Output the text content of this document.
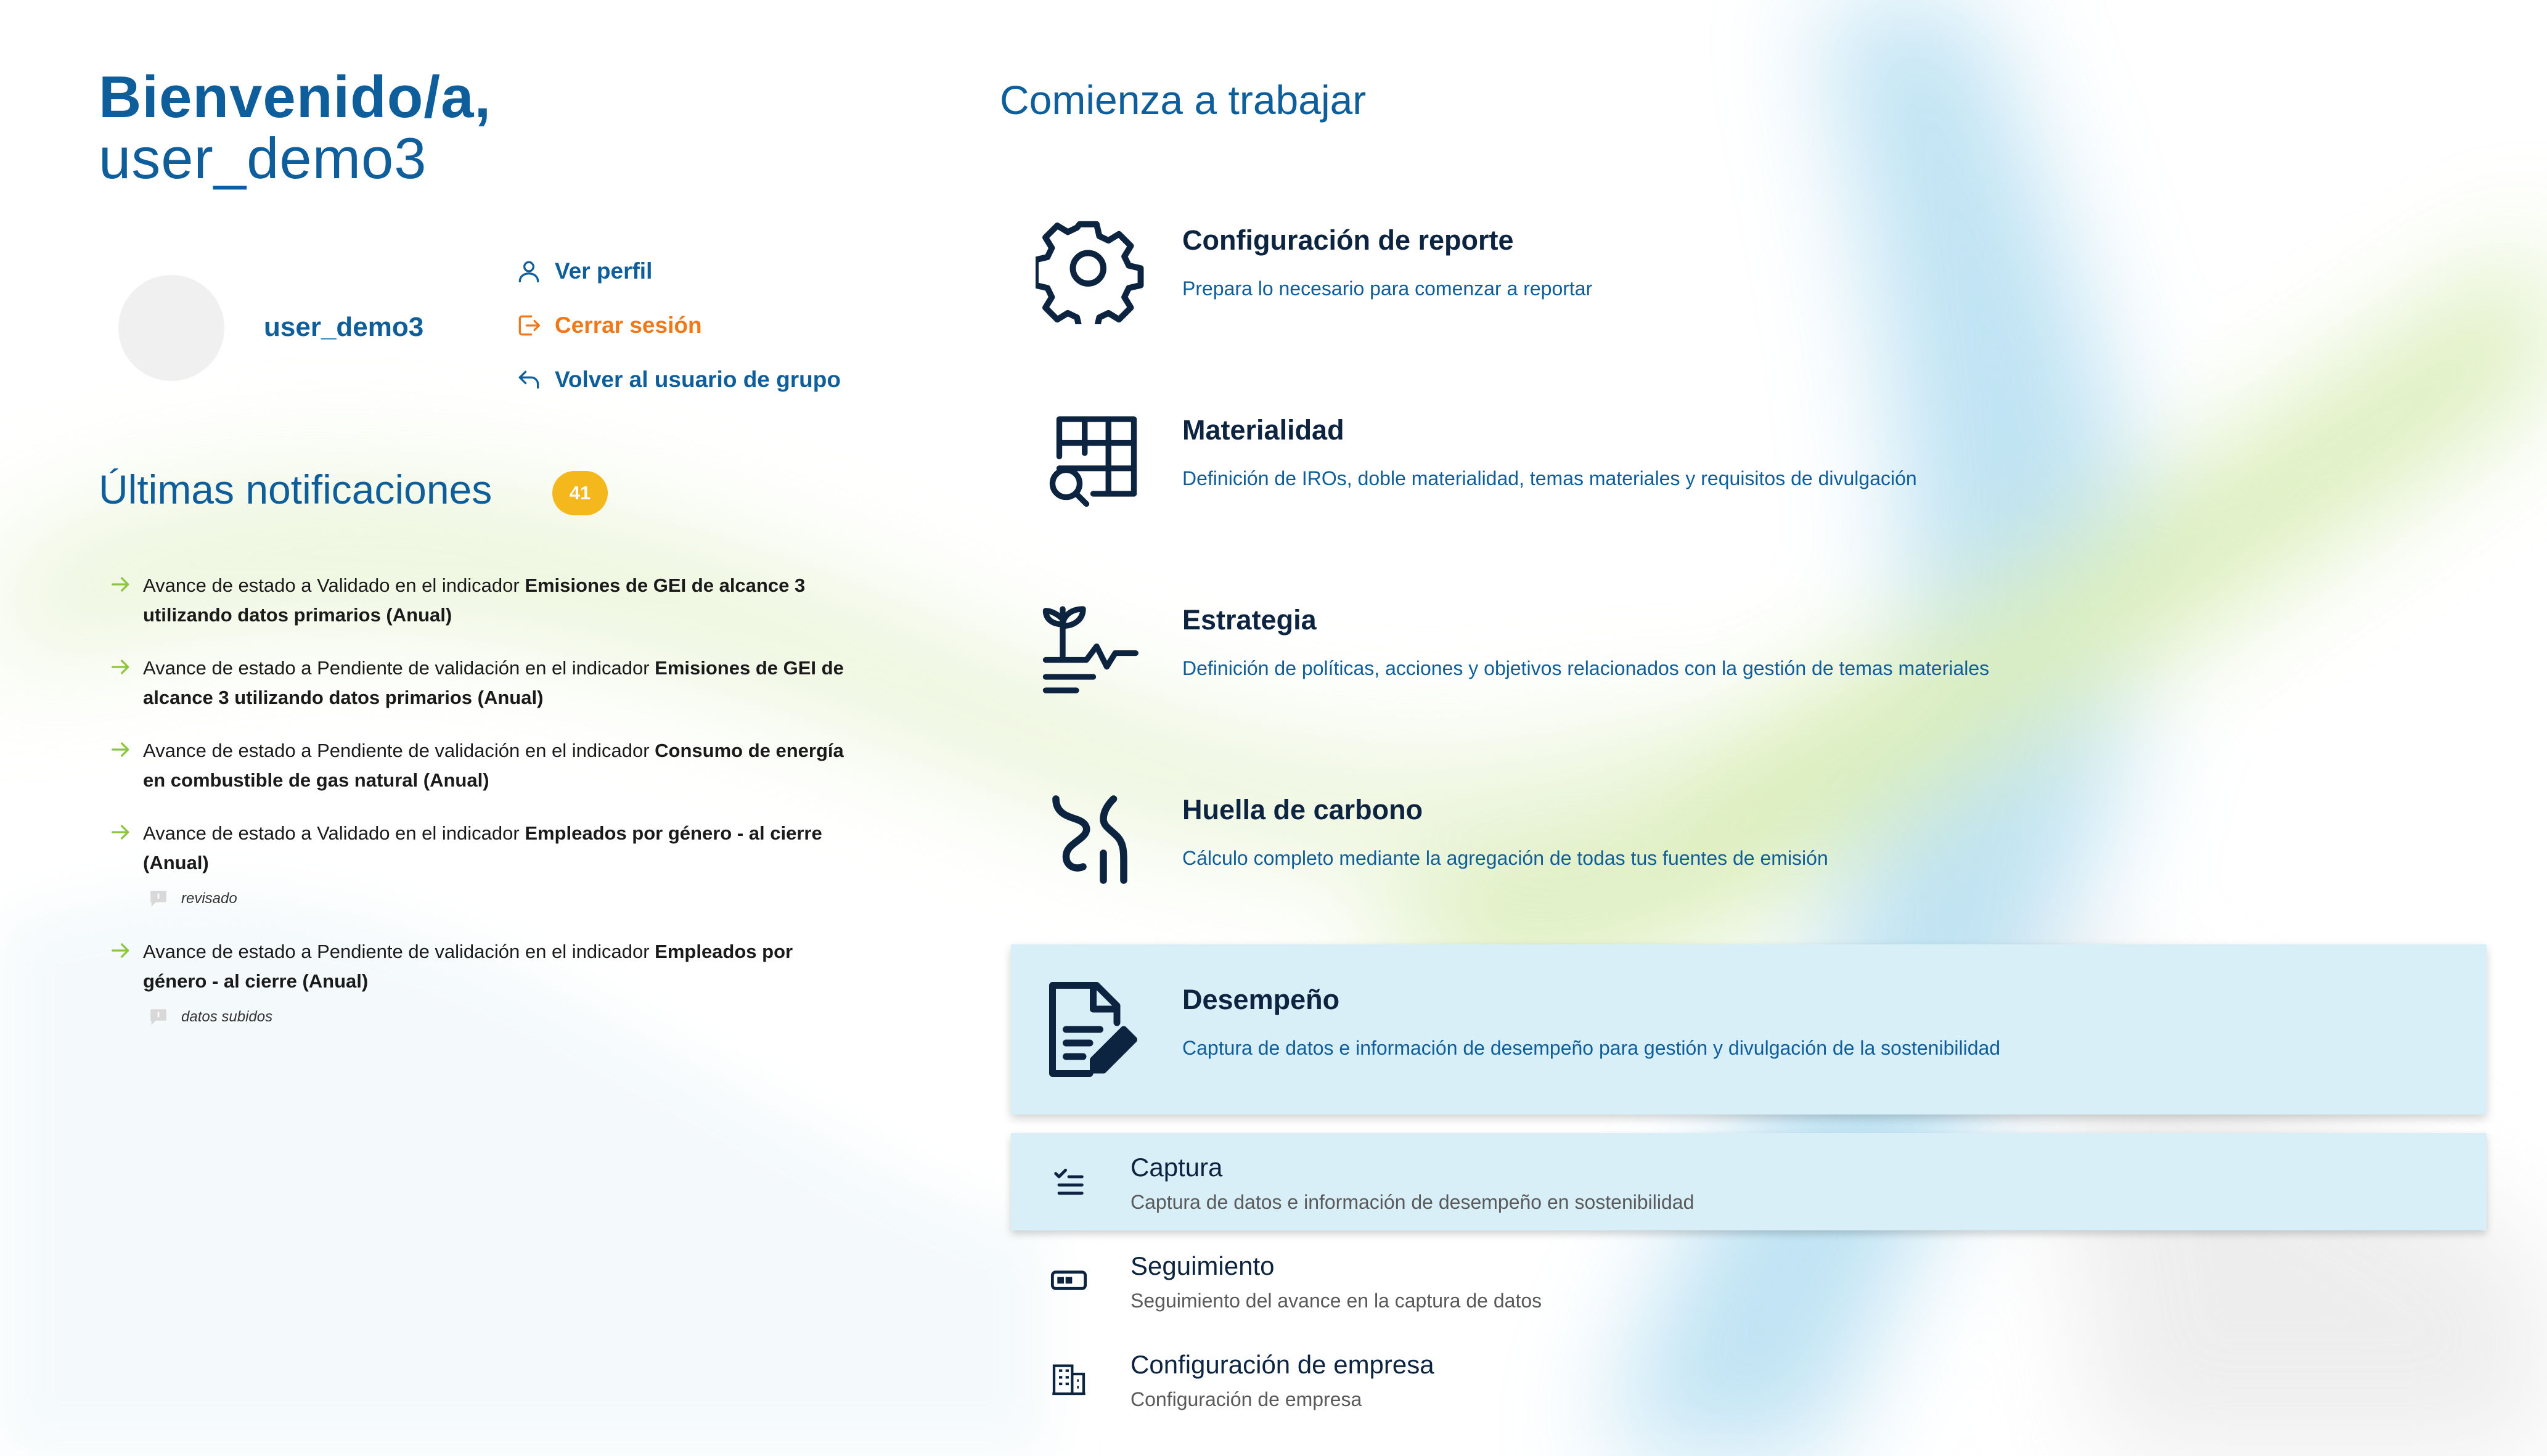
Bienvenido/a,
user_demo3
user_demo3
Ver perfil
Cerrar sesión
Volver al usuario de grupo
Últimas notificaciones	41
Avance de estado a Validado en el indicador Emisiones de GEI de alcance 3 utilizando datos primarios (Anual)
Avance de estado a Pendiente de validación en el indicador Emisiones de GEI de alcance 3 utilizando datos primarios (Anual)
Avance de estado a Pendiente de validación en el indicador Consumo de energía en combustible de gas natural (Anual)
Avance de estado a Validado en el indicador Empleados por género - al cierre (Anual)
revisado
Avance de estado a Pendiente de validación en el indicador Empleados por género - al cierre (Anual)
datos subidos
Comienza a trabajar
Configuración de reporte
Prepara lo necesario para comenzar a reportar
Materialidad
Definición de IROs, doble materialidad, temas materiales y requisitos de divulgación
Estrategia
Definición de políticas, acciones y objetivos relacionados con la gestión de temas materiales
Huella de carbono
Cálculo completo mediante la agregación de todas tus fuentes de emisión
Desempeño
Captura de datos e información de desempeño para gestión y divulgación de la sostenibilidad
Captura
Captura de datos e información de desempeño en sostenibilidad
Seguimiento
Seguimiento del avance en la captura de datos
Configuración de empresa
Configuración de empresa
